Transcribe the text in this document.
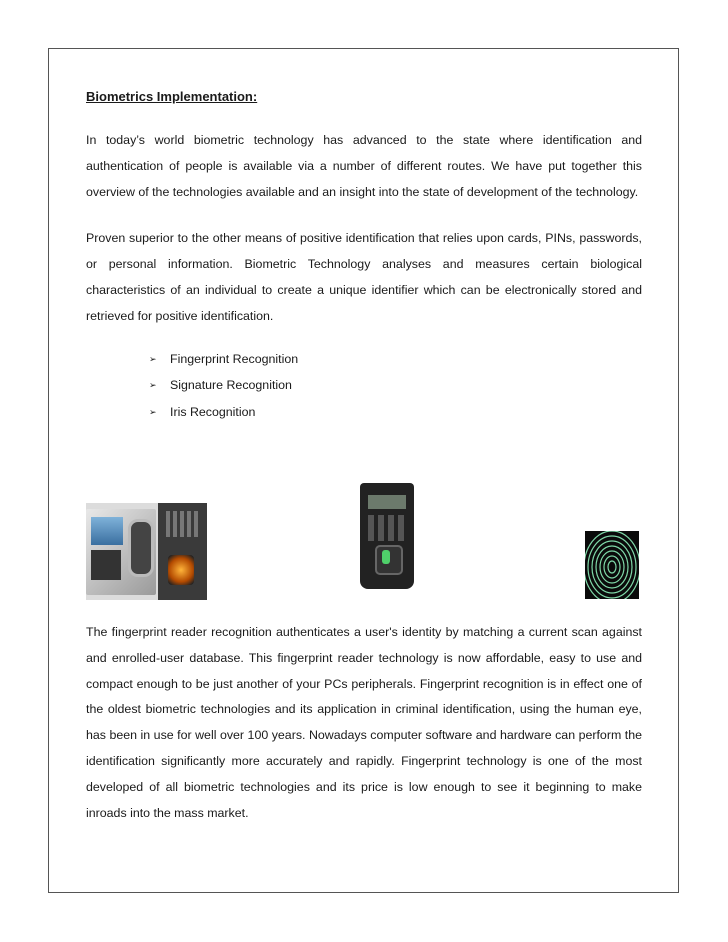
Biometrics Implementation:

In today’s world biometric technology has advanced to the state where identification and authentication of people is available via a number of different routes. We have put together this overview of the technologies available and an insight into the state of development of the technology.

Proven superior to the other means of positive identification that relies upon cards, PINs, passwords, or personal information. Biometric Technology analyses and measures certain biological characteristics of an individual to create a unique identifier which can be electronically stored and retrieved for positive identification.

➢	Fingerprint Recognition
➢	Signature Recognition
➢	Iris Recognition

The fingerprint reader recognition authenticates a user's identity by matching a current scan against and enrolled-user database. This fingerprint reader technology is now affordable, easy to use and compact enough to be just another of your PCs peripherals. Fingerprint recognition is in effect one of the oldest biometric technologies and its application in criminal identification, using the human eye, has been in use for well over 100 years. Nowadays computer software and hardware can perform the identification significantly more accurately and rapidly. Fingerprint technology is one of the most developed of all biometric technologies and its price is low enough to see it beginning to make inroads into the mass market.
